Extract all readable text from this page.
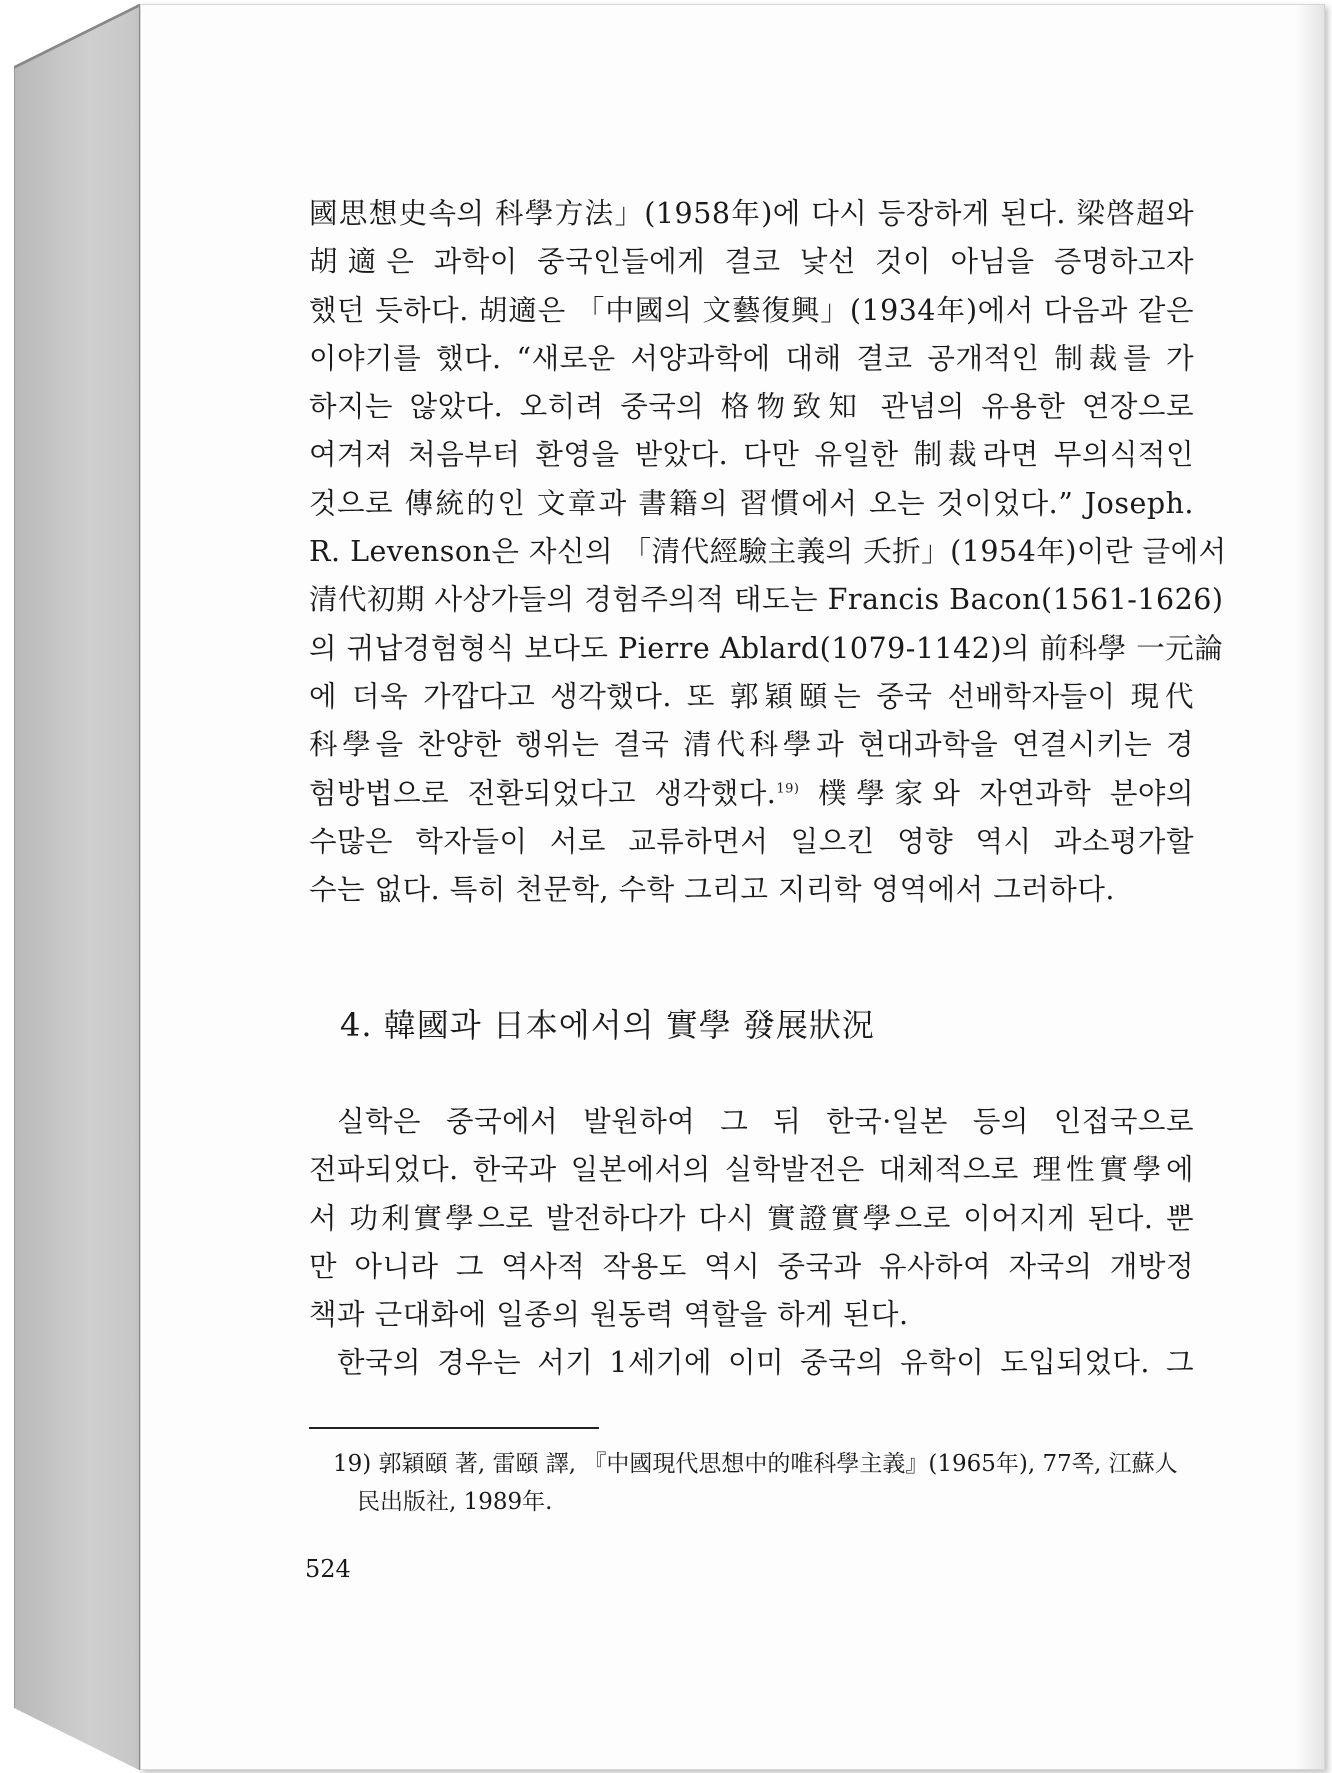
國思想史속의 科學方法」(1958年)에 다시 등장하게 된다. 梁啓超와
胡適은 과학이 중국인들에게 결코 낯선 것이 아님을 증명하고자
했던 듯하다. 胡適은 「中國의 文藝復興」(1934年)에서 다음과 같은
이야기를 했다. “새로운 서양과학에 대해 결코 공개적인 制裁를 가
하지는 않았다. 오히려 중국의 格物致知 관념의 유용한 연장으로
여겨져 처음부터 환영을 받았다. 다만 유일한 制裁라면 무의식적인
것으로 傳統的인 文章과 書籍의 習慣에서 오는 것이었다.” Joseph.
R. Levenson은 자신의 「清代經驗主義의 夭折」(1954年)이란 글에서
清代初期 사상가들의 경험주의적 태도는 Francis Bacon(1561-1626)
의 귀납경험형식 보다도 Pierre Ablard(1079-1142)의 前科學 一元論
에 더욱 가깝다고 생각했다. 또 郭穎頤는 중국 선배학자들이 現代
科學을 찬양한 행위는 결국 清代科學과 현대과학을 연결시키는 경
험방법으로 전환되었다고 생각했다.$^{19)}$ 樸學家와 자연과학 분야의
수많은 학자들이 서로 교류하면서 일으킨 영향 역시 과소평가할
수는 없다. 특히 천문학, 수학 그리고 지리학 영역에서 그러하다.
4. 韓國과 日本에서의 實學 發展狀況
실학은 중국에서 발원하여 그 뒤 한국·일본 등의 인접국으로
전파되었다. 한국과 일본에서의 실학발전은 대체적으로 理性實學에
서 功利實學으로 발전하다가 다시 實證實學으로 이어지게 된다. 뿐
만 아니라 그 역사적 작용도 역시 중국과 유사하여 자국의 개방정
책과 근대화에 일종의 원동력 역할을 하게 된다.
한국의 경우는 서기 1세기에 이미 중국의 유학이 도입되었다. 그
19) 郭穎頤 著, 雷頤 譯, 『中國現代思想中的唯科學主義』(1965年), 77쪽, 江蘇人
民出版社, 1989年.
524
